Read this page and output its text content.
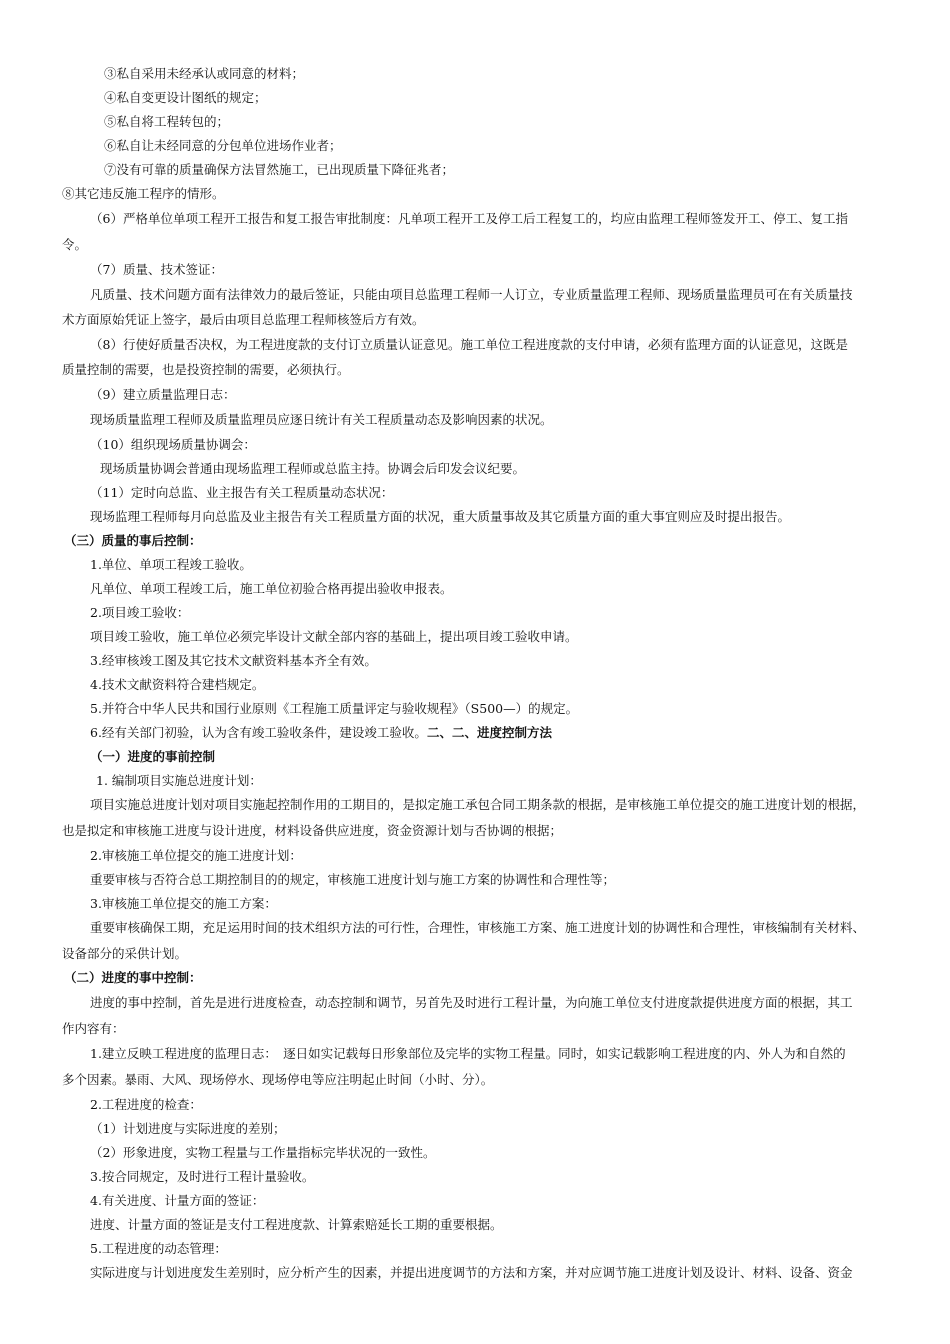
③私自采用未经承认或同意的材料；
④私自变更设计图纸的规定；
⑤私自将工程转包的；
⑥私自让未经同意的分包单位进场作业者；
⑦没有可靠的质量确保方法冒然施工，已出现质量下降征兆者；
⑧其它违反施工程序的情形。
（6）严格单位单项工程开工报告和复工报告审批制度：凡单项工程开工及停工后工程复工的，均应由监理工程师签发开工、停工、复工指
令。
（7）质量、技术签证：
凡质量、技术问题方面有法律效力的最后签证，只能由项目总监理工程师一人订立，专业质量监理工程师、现场质量监理员可在有关质量技
术方面原始凭证上签字，最后由项目总监理工程师核签后方有效。
（8）行使好质量否决权，为工程进度款的支付订立质量认证意见。施工单位工程进度款的支付申请，必须有监理方面的认证意见，这既是
质量控制的需要，也是投资控制的需要，必须执行。
（9）建立质量监理日志：
现场质量监理工程师及质量监理员应逐日统计有关工程质量动态及影响因素的状况。
（10）组织现场质量协调会：
现场质量协调会普通由现场监理工程师或总监主持。协调会后印发会议纪要。
（11）定时向总监、业主报告有关工程质量动态状况：
现场监理工程师每月向总监及业主报告有关工程质量方面的状况，重大质量事故及其它质量方面的重大事宜则应及时提出报告。
（三）质量的事后控制：
1.单位、单项工程竣工验收。
凡单位、单项工程竣工后，施工单位初验合格再提出验收申报表。
2.项目竣工验收：
项目竣工验收，施工单位必须完毕设计文献全部内容的基础上，提出项目竣工验收申请。
3.经审核竣工图及其它技术文献资料基本齐全有效。
4.技术文献资料符合建档规定。
5.并符合中华人民共和国行业原则《工程施工质量评定与验收规程》（S500—）的规定。
6.经有关部门初验，认为含有竣工验收条件，建设竣工验收。二、二、进度控制方法
（一）进度的事前控制
1. 编制项目实施总进度计划：
项目实施总进度计划对项目实施起控制作用的工期目的，是拟定施工承包合同工期条款的根据，是审核施工单位提交的施工进度计划的根据，
也是拟定和审核施工进度与设计进度，材料设备供应进度，资金资源计划与否协调的根据；
2.审核施工单位提交的施工进度计划：
重要审核与否符合总工期控制目的的规定，审核施工进度计划与施工方案的协调性和合理性等；
3.审核施工单位提交的施工方案：
重要审核确保工期，充足运用时间的技术组织方法的可行性，合理性，审核施工方案、施工进度计划的协调性和合理性，审核编制有关材料、
设备部分的采供计划。
（二）进度的事中控制：
进度的事中控制，首先是进行进度检查，动态控制和调节，另首先及时进行工程计量，为向施工单位支付进度款提供进度方面的根据，其工
作内容有：
1.建立反映工程进度的监理日志：　逐日如实记载每日形象部位及完毕的实物工程量。同时，如实记载影响工程进度的内、外人为和自然的
多个因素。暴雨、大风、现场停水、现场停电等应注明起止时间（小时、分）。
2.工程进度的检查：
（1）计划进度与实际进度的差别；
（2）形象进度，实物工程量与工作量指标完毕状况的一致性。
3.按合同规定，及时进行工程计量验收。
4.有关进度、计量方面的签证：
进度、计量方面的签证是支付工程进度款、计算索赔延长工期的重要根据。
5.工程进度的动态管理：
实际进度与计划进度发生差别时，应分析产生的因素，并提出进度调节的方法和方案，并对应调节施工进度计划及设计、材料、设备、资金
